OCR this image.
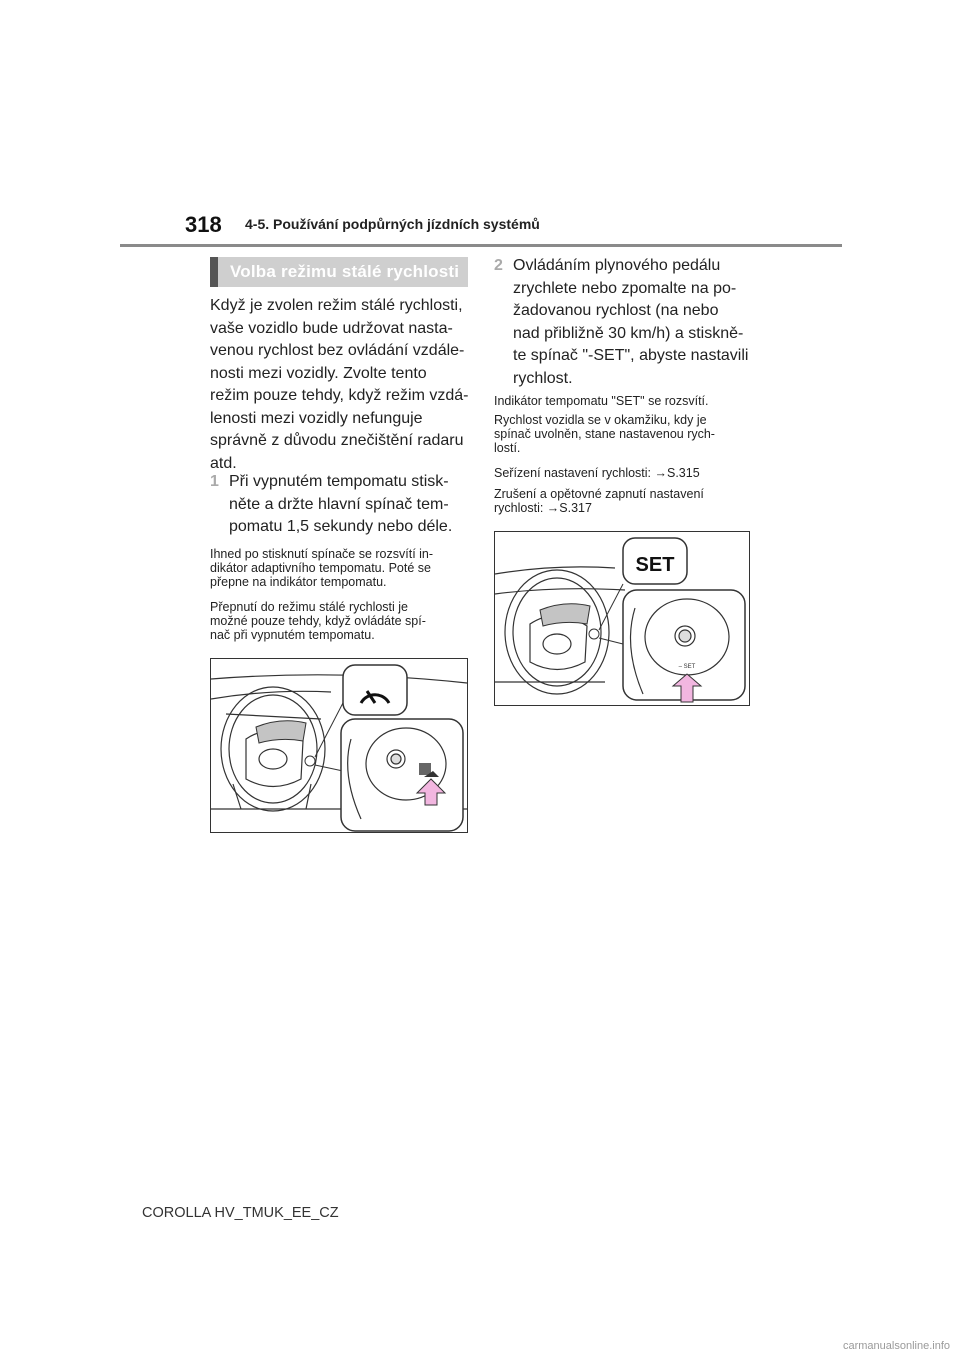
318 4-5. Používání podpůrných jízdních systémů
Volba režimu stálé rychlosti
Když je zvolen režim stálé rychlosti,
vaše vozidlo bude udržovat nasta-
venou rychlost bez ovládání vzdále-
nosti mezi vozidly. Zvolte tento
režim pouze tehdy, když režim vzdá-
lenosti mezi vozidly nefunguje
správně z důvodu znečištění radaru
atd.
1 Při vypnutém tempomatu stisk-
něte a držte hlavní spínač tem-
pomatu 1,5 sekundy nebo déle.
Ihned po stisknutí spínače se rozsvítí in-
dikátor adaptivního tempomatu. Poté se
přepne na indikátor tempomatu.
Přepnutí do režimu stálé rychlosti je
možné pouze tehdy, když ovládáte spí-
nač při vypnutém tempomatu.
2 Ovládáním plynového pedálu
zrychlete nebo zpomalte na po-
žadovanou rychlost (na nebo
nad přibližně 30 km/h) a stiskně-
te spínač "-SET", abyste nastavili
rychlost.
Indikátor tempomatu "SET" se rozsvítí.
Rychlost vozidla se v okamžiku, kdy je
spínač uvolněn, stane nastavenou rych-
lostí.
Seřízení nastavení rychlosti: →S.315
Zrušení a opětovné zapnutí nastavení
rychlosti: →S.317
SET
– SET
COROLLA HV_TMUK_EE_CZ
carmanualsonline.info
